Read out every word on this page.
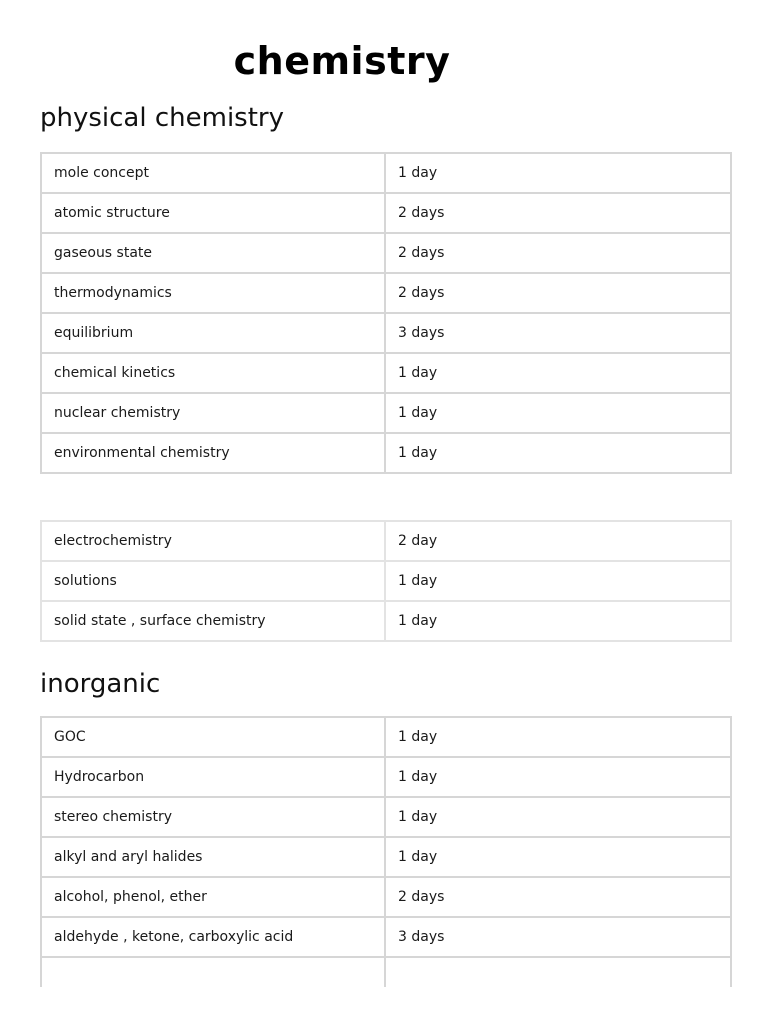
chemistry
physical chemistry
mole concept	1 day
atomic structure	2 days
gaseous state	2 days
thermodynamics	2 days
equilibrium	3 days
chemical kinetics	1 day
nuclear chemistry	1 day
environmental chemistry	1 day
electrochemistry	2 day
solutions	1 day
solid state , surface chemistry	1 day
inorganic
GOC	1 day
Hydrocarbon	1 day
stereo chemistry	1 day
alkyl and aryl halides	1 day
alcohol, phenol, ether	2 days
aldehyde , ketone, carboxylic acid	3 days
